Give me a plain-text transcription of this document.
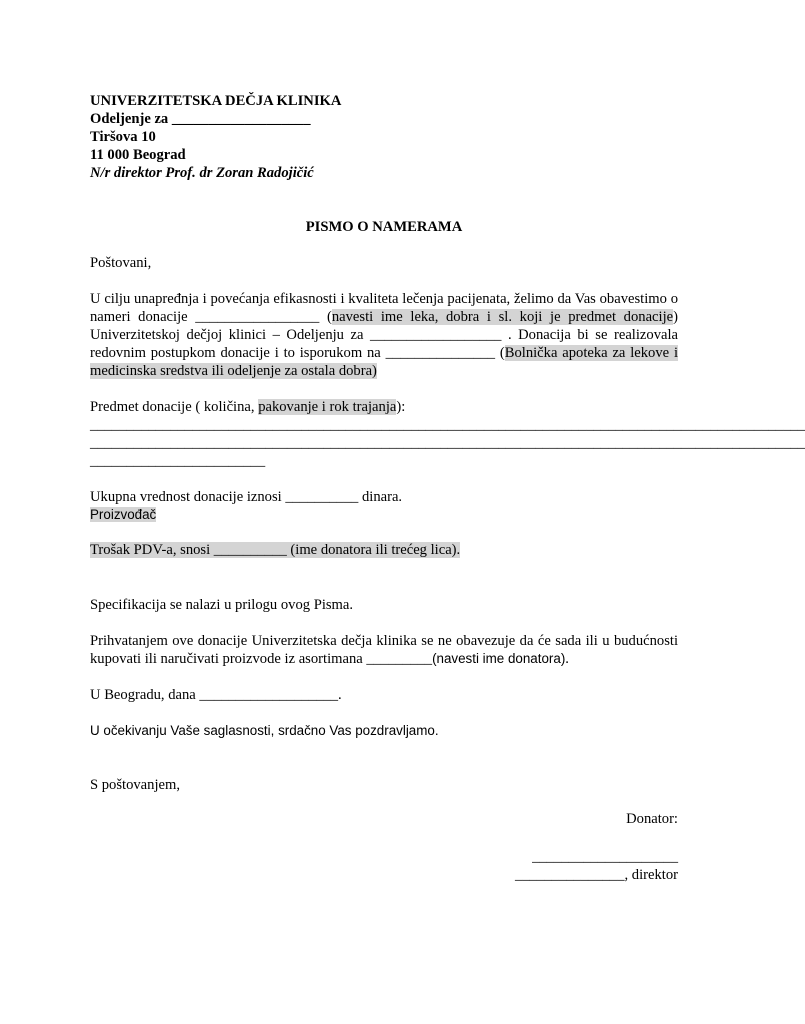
UNIVERZITETSKA DEČJA KLINIKA
Odeljenje za ___________________
Tiršova 10
11 000 Beograd
N/r direktor Prof. dr Zoran Radojičić
PISMO O NAMERAMA
Poštovani,
U cilju unapređnja i povećanja efikasnosti i kvaliteta lečenja pacijenata, želimo da Vas obavestimo o nameri donacije _________________ (navesti ime leka, dobra i sl. koji je predmet donacije) Univerzitetskoj dečjoj klinici – Odeljenju za __________________ . Donacija bi se realizovala redovnim postupkom donacije i to isporukom na _______________ (Bolnička apoteka za lekove i medicinska sredstva ili odeljenje za ostala dobra)
Predmet donacije ( količina, pakovanje i rok trajanja):
__________________________________________________________________________________________________
__________________________________________________________________________________________________
________________________
Ukupna vrednost donacije iznosi __________ dinara.
Proizvođač
Trošak PDV-a, snosi __________ (ime donatora ili trećeg lica).
Specifikacija se nalazi u prilogu ovog Pisma.
Prihvatanjem ove donacije Univerzitetska dečja klinika se ne obavezuje da će sada ili u budućnosti kupovati ili naručivati proizvode iz asortimana _________(navesti ime donatora).
U Beogradu, dana ___________________.
U očekivanju Vaše saglasnosti, srdačno Vas pozdravljamo.
S poštovanjem,
Donator:
____________________
_______________, direktor
